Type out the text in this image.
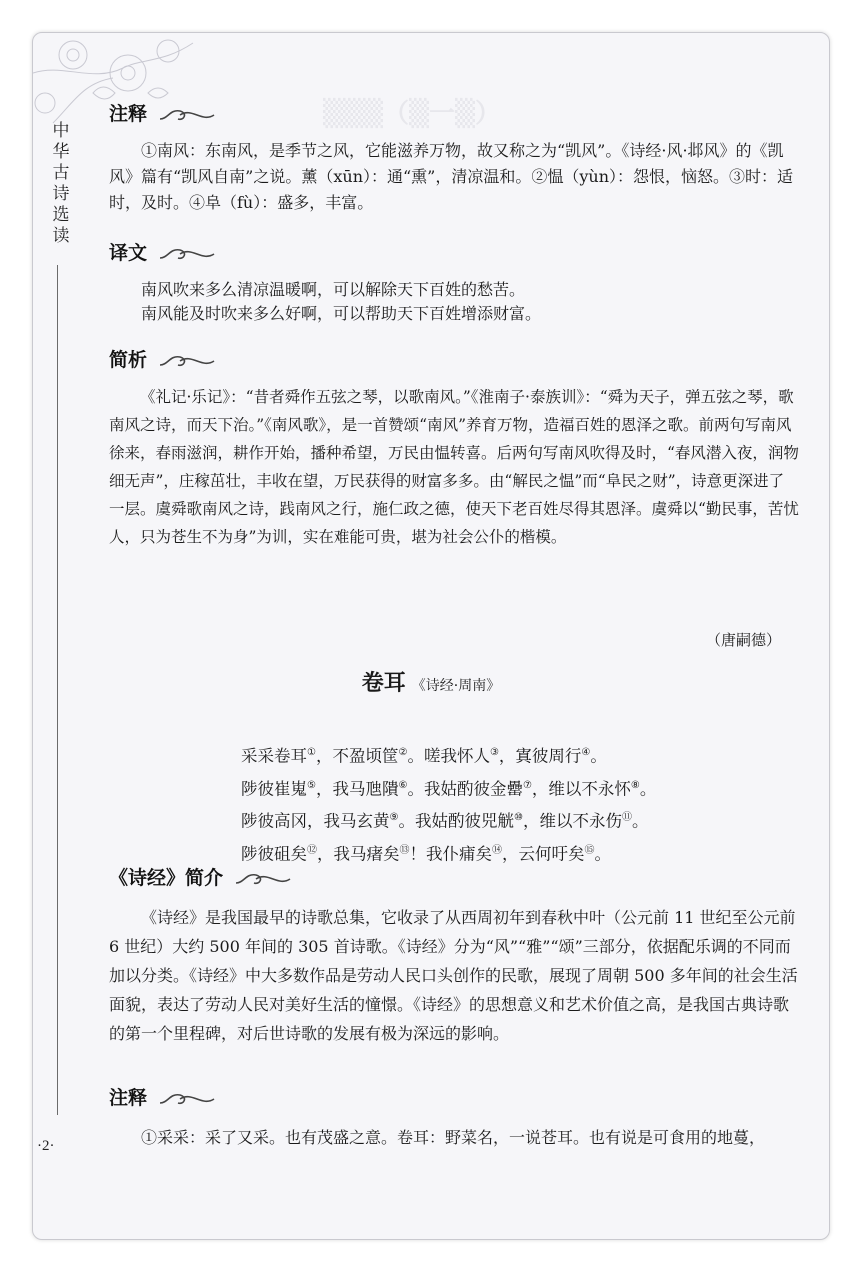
中华古诗选读
·2·
▒▒▒（▒一▒）
注释
①南风：东南风，是季节之风，它能滋养万物，故又称之为“凯风”。《诗经·风·邶风》的《凯风》篇有“凯风自南”之说。薰（xūn）：通“熏”，清凉温和。②愠（yùn）：怨恨，恼怒。③时：适时，及时。④阜（fù）：盛多，丰富。
译文
南风吹来多么清凉温暖啊，可以解除天下百姓的愁苦。
南风能及时吹来多么好啊，可以帮助天下百姓增添财富。
简析
《礼记·乐记》：“昔者舜作五弦之琴，以歌南风。”《淮南子·泰族训》：“舜为天子，弹五弦之琴，歌南风之诗，而天下治。”《南风歌》，是一首赞颂“南风”养育万物，造福百姓的恩泽之歌。前两句写南风徐来，春雨滋润，耕作开始，播种希望，万民由愠转喜。后两句写南风吹得及时，“春风潜入夜，润物细无声”，庄稼茁壮，丰收在望，万民获得的财富多多。由“解民之愠”而“阜民之财”，诗意更深进了一层。虞舜歌南风之诗，践南风之行，施仁政之德，使天下老百姓尽得其恩泽。虞舜以“勤民事，苦忧人，只为苍生不为身”为训，实在难能可贵，堪为社会公仆的楷模。
（唐嗣德）
卷耳 《诗经·周南》
采采卷耳①，不盈顷筐②。嗟我怀人③，寘彼周行④。
陟彼崔嵬⑤，我马虺隤⑥。我姑酌彼金罍⑦，维以不永怀⑧。
陟彼高冈，我马玄黄⑨。我姑酌彼兕觥⑩，维以不永伤⑪。
陟彼砠矣⑫，我马瘏矣⑬！我仆痡矣⑭，云何吁矣⑮。
《诗经》简介
《诗经》是我国最早的诗歌总集，它收录了从西周初年到春秋中叶（公元前 11 世纪至公元前 6 世纪）大约 500 年间的 305 首诗歌。《诗经》分为“风”“雅”“颂”三部分，依据配乐调的不同而加以分类。《诗经》中大多数作品是劳动人民口头创作的民歌，展现了周朝 500 多年间的社会生活面貌，表达了劳动人民对美好生活的憧憬。《诗经》的思想意义和艺术价值之高，是我国古典诗歌的第一个里程碑，对后世诗歌的发展有极为深远的影响。
注释
①采采：采了又采。也有茂盛之意。卷耳：野菜名，一说苍耳。也有说是可食用的地蔓，
